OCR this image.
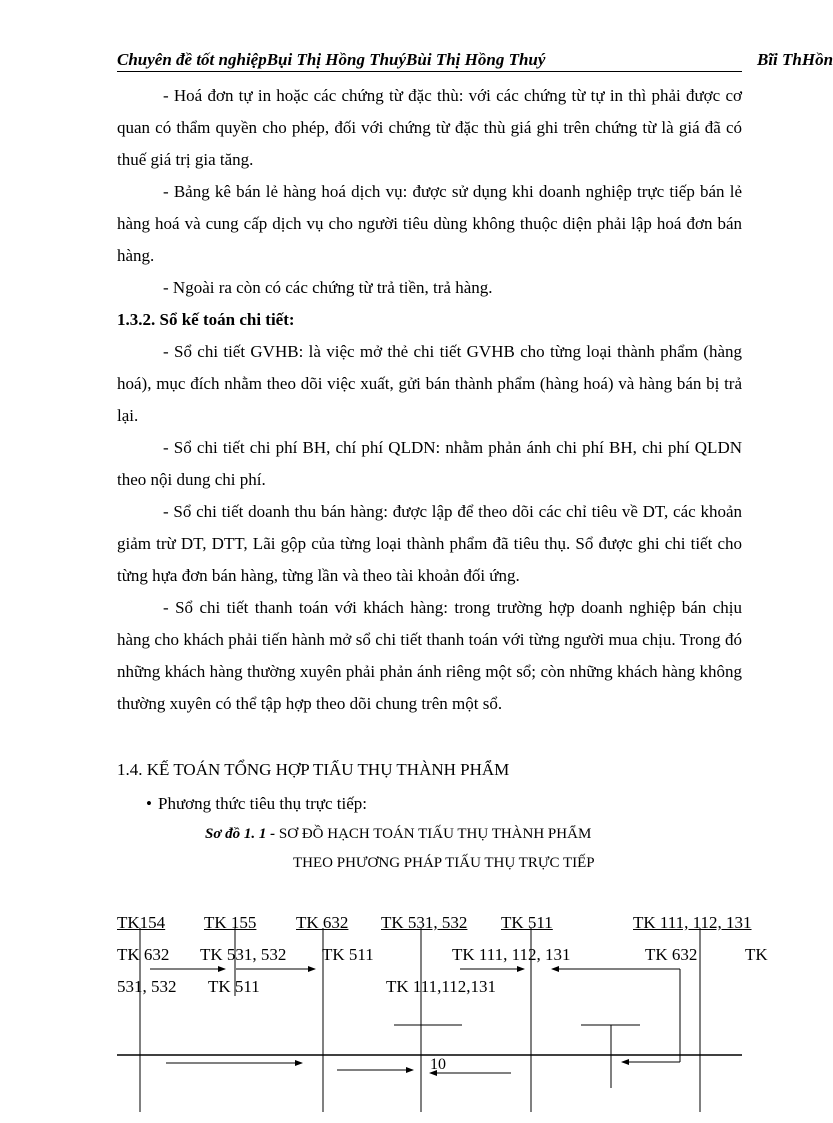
Chuyên đề tốt nghiệpBụi Thị Hồng ThuýBùi Thị Hồng Thuý	Bĩi ThHồn

- Hoá đơn tự in hoặc các chứng từ đặc thù: với các chứng từ tự in thì phải được cơ quan có thẩm quyền cho phép, đối với chứng từ đặc thù giá ghi trên chứng từ là giá đã có thuế giá trị gia tăng.

- Bảng kê bán lẻ hàng hoá dịch vụ: được sử dụng khi doanh nghiệp trực tiếp bán lẻ hàng hoá và cung cấp dịch vụ cho người tiêu dùng không thuộc diện phải lập hoá đơn bán hàng.

- Ngoài ra còn có các chứng từ trả tiền, trả hàng.

1.3.2. Sổ kế toán chi tiết:

- Sổ chi tiết GVHB: là việc mở thẻ chi tiết GVHB cho từng loại thành phẩm (hàng hoá), mục đích nhằm theo dõi việc xuất, gửi bán thành phẩm (hàng hoá) và hàng bán bị trả lại.

- Sổ chi tiết chi phí BH, chí phí QLDN: nhằm phản ánh chi phí BH, chi phí QLDN theo nội dung chi phí.

- Sổ chi tiết doanh thu bán hàng: được lập để theo dõi các chỉ tiêu về DT, các khoản giảm trừ DT, DTT, Lãi gộp của từng loại thành phẩm đã tiêu thụ. Sổ được ghi chi tiết cho từng hựa đơn bán hàng, từng lần và theo tài khoản đối ứng.

- Sổ chi tiết thanh toán với khách hàng: trong trường hợp doanh nghiệp bán chịu hàng cho khách phải tiến hành mở sổ chi tiết thanh toán với từng người mua chịu. Trong đó những khách hàng thường xuyên phải phản ánh riêng một sổ; còn những khách hàng không thường xuyên có thể tập hợp theo dõi chung trên một sổ.

1.4. KẾ TOÁN TỔNG HỢP TIẤU THỤ THÀNH PHẨM

• Phương thức tiêu thụ trực tiếp:

Sơ đồ 1. 1 - SƠ ĐỒ HẠCH TOÁN TIẤU THỤ THÀNH PHẨM
THEO PHƯƠNG PHÁP TIẤU THỤ TRỰC TIẾP
TK154 TK 155 TK 632 TK 531, 532 TK 511	TK 111, 112, 131
TK 632 TK 531, 532 TK 511	TK 111, 112, 131	TK 632	TK
531, 532 TK 511	TK 111,112,131
10
